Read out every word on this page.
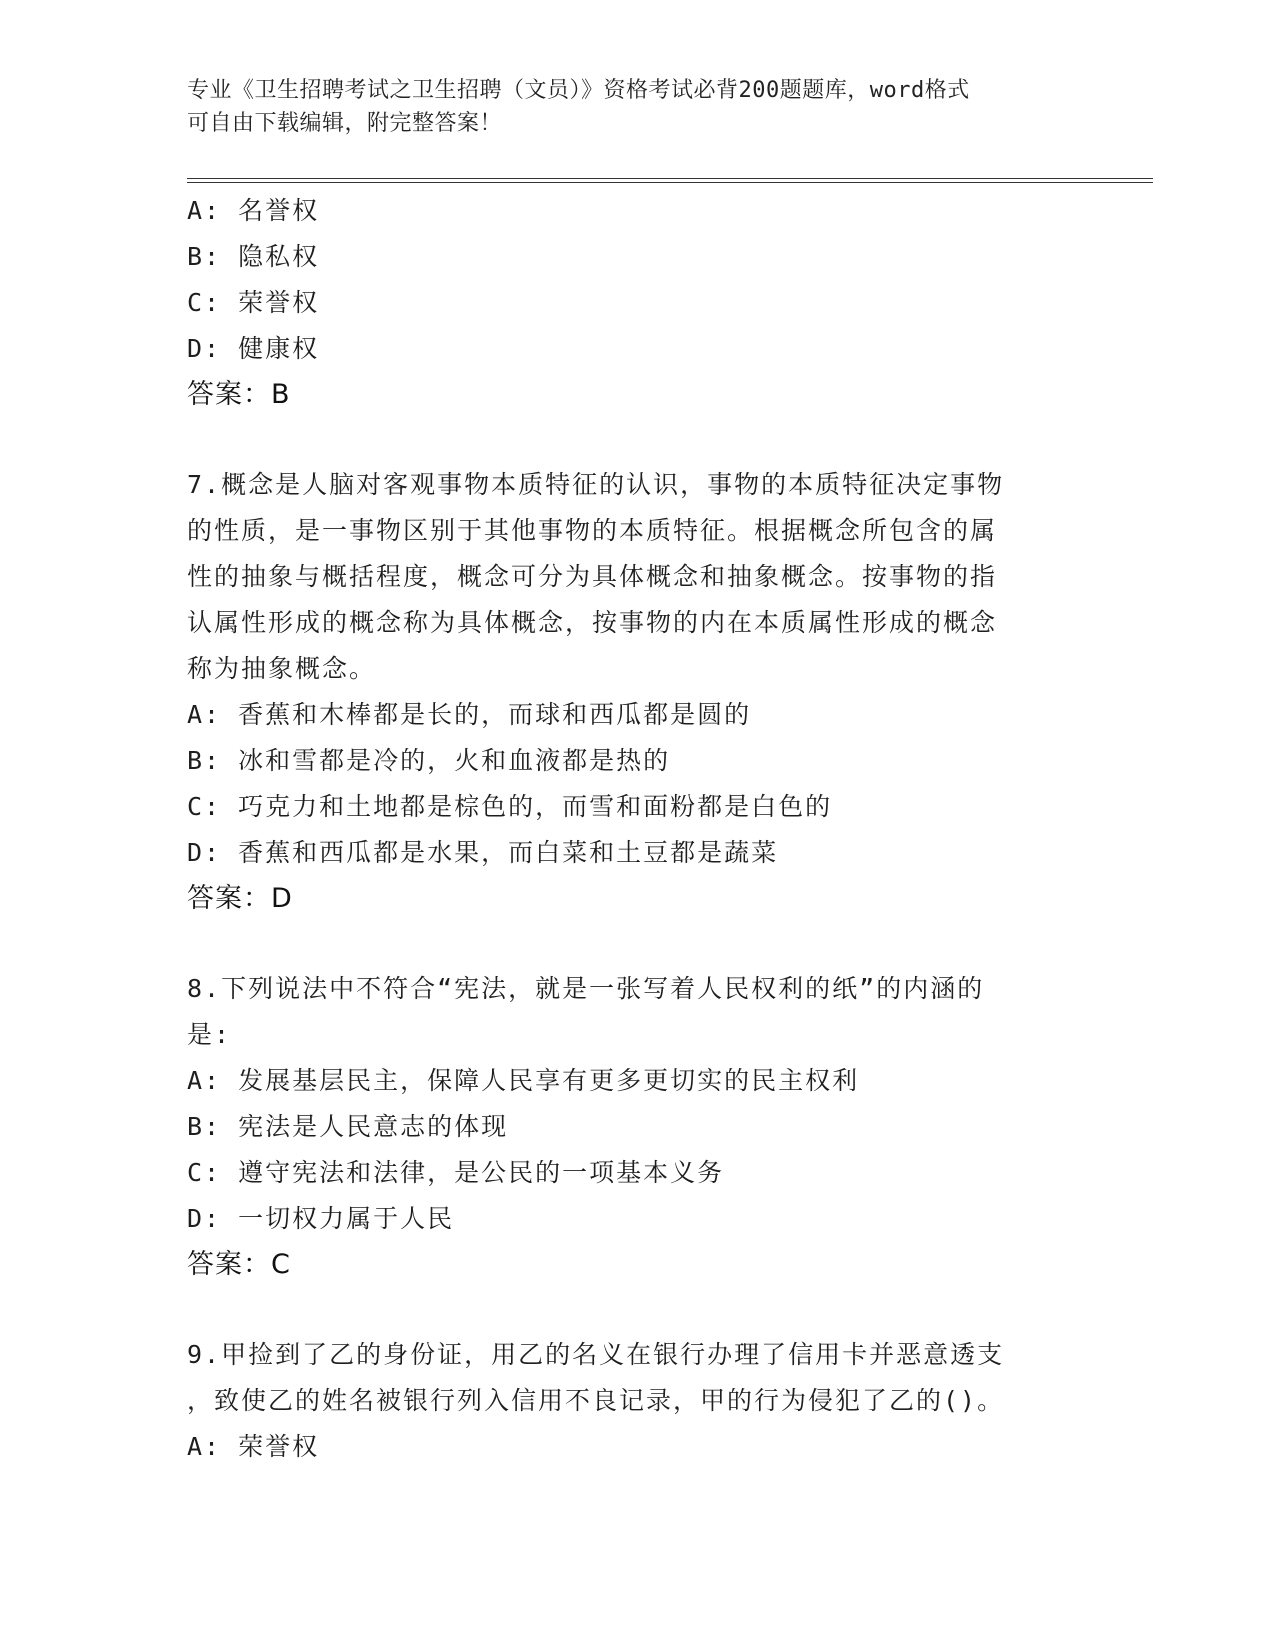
专业《卫生招聘考试之卫生招聘（文员）》资格考试必背200题题库，word格式
可自由下载编辑，附完整答案！
A: 名誉权
B: 隐私权
C: 荣誉权
D: 健康权
答案：B
7.概念是人脑对客观事物本质特征的认识，事物的本质特征决定事物
的性质，是一事物区别于其他事物的本质特征。根据概念所包含的属
性的抽象与概括程度，概念可分为具体概念和抽象概念。按事物的指
认属性形成的概念称为具体概念，按事物的内在本质属性形成的概念
称为抽象概念。
A: 香蕉和木棒都是长的，而球和西瓜都是圆的
B: 冰和雪都是冷的，火和血液都是热的
C: 巧克力和土地都是棕色的，而雪和面粉都是白色的
D: 香蕉和西瓜都是水果，而白菜和土豆都是蔬菜
答案：D
8.下列说法中不符合“宪法，就是一张写着人民权利的纸”的内涵的
是:
A: 发展基层民主，保障人民享有更多更切实的民主权利
B: 宪法是人民意志的体现
C: 遵守宪法和法律，是公民的一项基本义务
D: 一切权力属于人民
答案：C
9.甲捡到了乙的身份证，用乙的名义在银行办理了信用卡并恶意透支
，致使乙的姓名被银行列入信用不良记录，甲的行为侵犯了乙的()。
A: 荣誉权
